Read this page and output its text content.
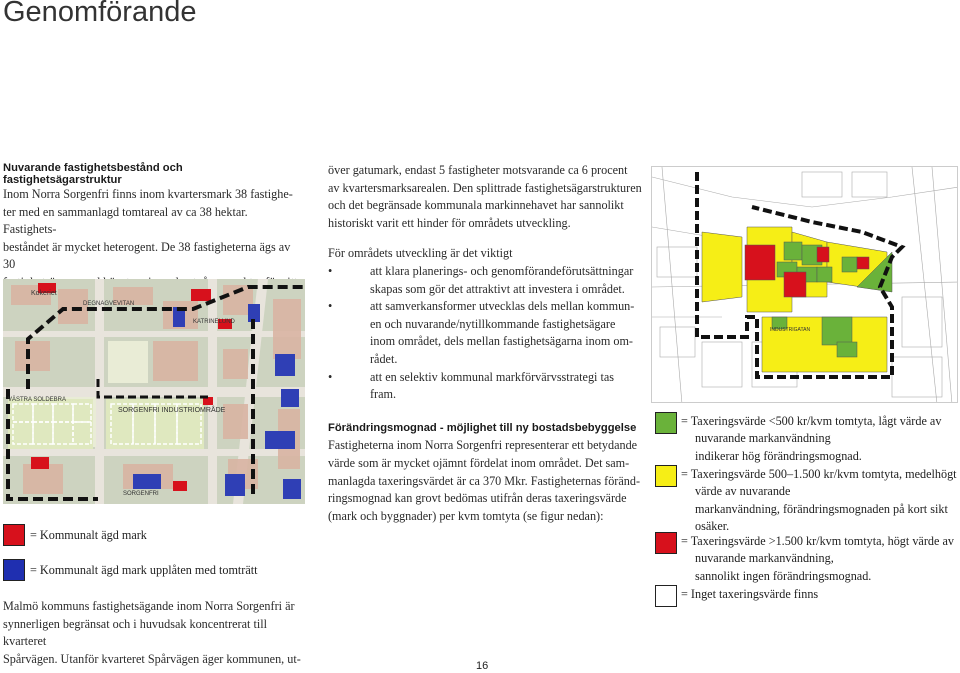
Genomförande
Nuvarande fastighetsbestånd och fastighetsägarstruktur
Inom Norra Sorgenfri finns inom kvartersmark 38 fastighe-
ter med en sammanlagd tomtareal av ca 38 hektar. Fastighets-
beståndet är mycket heterogent. De 38 fastigheterna ägs av 30
Kokeriet
DEGNAGVEVITAN
VÄSTRA SOLDEBRA
SORGENFRI INDUSTRIOMRÅDE
KATRINELUND
SORGENFRI
= Kommunalt ägd mark
= Kommunalt ägd mark upplåten med tomträtt
Malmö kommuns fastighetsägande inom Norra Sorgenfri är
synnerligen begränsat och i huvudsak koncentrerat till kvarteret
Spårvägen. Utanför kvarteret Spårvägen äger kommunen, ut-
över gatumark, endast 5 fastigheter motsvarande ca 6 procent
av kvartersmarksarealen. Den splittrade fastighetsägarstrukturen
och det begränsade kommunala markinnehavet har sannolikt
historiskt varit ett hinder för områdets utveckling.
För områdets utveckling är det viktigt
• att klara planerings- och genomförandeförutsättningar
skapas som gör det attraktivt att investera i området.
• att samverkansformer utvecklas dels mellan kommun-
en och nuvarande/nytillkommande fastighetsägare
inom området, dels mellan fastighetsägarna inom om-
rådet.
• att en selektiv kommunal markförvärvsstrategi tas
fram.
Förändringsmognad - möjlighet till ny bostadsbebyggelse
Fastigheterna inom Norra Sorgenfri representerar ett betydande
värde som är mycket ojämnt fördelat inom området. Det sam-
manlagda taxeringsvärdet är ca 370 Mkr. Fastigheternas föränd-
ringsmognad kan grovt bedömas utifrån deras taxeringsvärde
(mark och byggnader) per kvm tomtyta (se figur nedan):
INDUSTRIGATAN
= Taxeringsvärde <500 kr/kvm tomtyta, lågt värde av
nuvarande markanvändning
indikerar hög förändringsmognad.
= Taxeringsvärde 500–1.500 kr/kvm tomtyta, medelhögt
värde av nuvarande
markanvändning, förändringsmognaden på kort sikt
osäker.
= Taxeringsvärde >1.500 kr/kvm tomtyta, högt värde av
nuvarande markanvändning,
sannolikt ingen förändringsmognad.
= Inget taxeringsvärde finns
16
